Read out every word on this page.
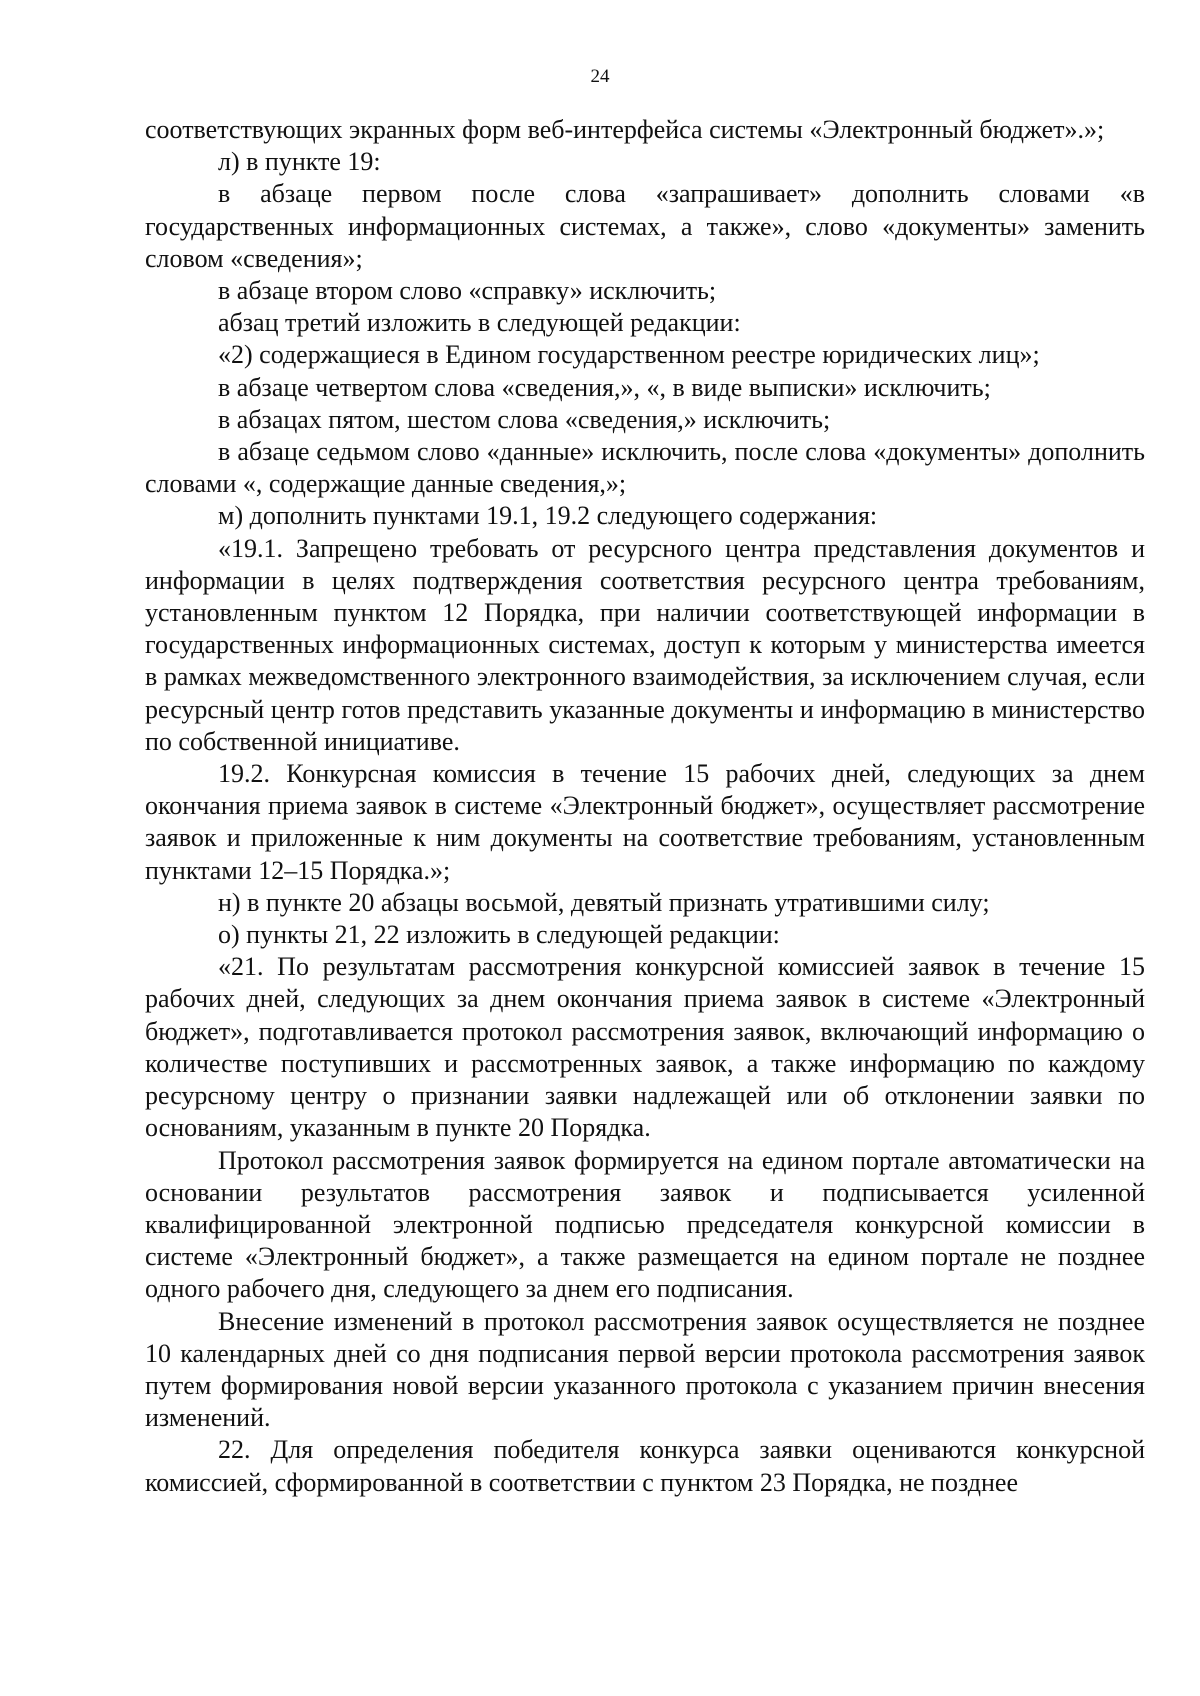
24

соответствующих экранных форм веб-интерфейса системы «Электронный бюджет».»;

л) в пункте 19:

в абзаце первом после слова «запрашивает» дополнить словами «в государственных информационных системах, а также», слово «документы» заменить словом «сведения»;

в абзаце втором слово «справку» исключить;

абзац третий изложить в следующей редакции:

«2) содержащиеся в Едином государственном реестре юридических лиц»;

в абзаце четвертом слова «сведения,», «, в виде выписки» исключить;

в абзацах пятом, шестом слова «сведения,» исключить;

в абзаце седьмом слово «данные» исключить, после слова «документы» дополнить словами «, содержащие данные сведения,»;

м) дополнить пунктами 19.1, 19.2 следующего содержания:

«19.1. Запрещено требовать от ресурсного центра представления документов и информации в целях подтверждения соответствия ресурсного центра требованиям, установленным пунктом 12 Порядка, при наличии соответствующей информации в государственных информационных системах, доступ к которым у министерства имеется в рамках межведомственного электронного взаимодействия, за исключением случая, если ресурсный центр готов представить указанные документы и информацию в министерство по собственной инициативе.

19.2. Конкурсная комиссия в течение 15 рабочих дней, следующих за днем окончания приема заявок в системе «Электронный бюджет», осуществляет рассмотрение заявок и приложенные к ним документы на соответствие требованиям, установленным пунктами 12–15 Порядка.»;

н) в пункте 20 абзацы восьмой, девятый признать утратившими силу;

о) пункты 21, 22 изложить в следующей редакции:

«21. По результатам рассмотрения конкурсной комиссией заявок в течение 15 рабочих дней, следующих за днем окончания приема заявок в системе «Электронный бюджет», подготавливается протокол рассмотрения заявок, включающий информацию о количестве поступивших и рассмотренных заявок, а также информацию по каждому ресурсному центру о признании заявки надлежащей или об отклонении заявки по основаниям, указанным в пункте 20 Порядка.

Протокол рассмотрения заявок формируется на едином портале автоматически на основании результатов рассмотрения заявок и подписывается усиленной квалифицированной электронной подписью председателя конкурсной комиссии в системе «Электронный бюджет», а также размещается на едином портале не позднее одного рабочего дня, следующего за днем его подписания.

Внесение изменений в протокол рассмотрения заявок осуществляется не позднее 10 календарных дней со дня подписания первой версии протокола рассмотрения заявок путем формирования новой версии указанного протокола с указанием причин внесения изменений.

22. Для определения победителя конкурса заявки оцениваются конкурсной комиссией, сформированной в соответствии с пунктом 23 Порядка, не позднее
